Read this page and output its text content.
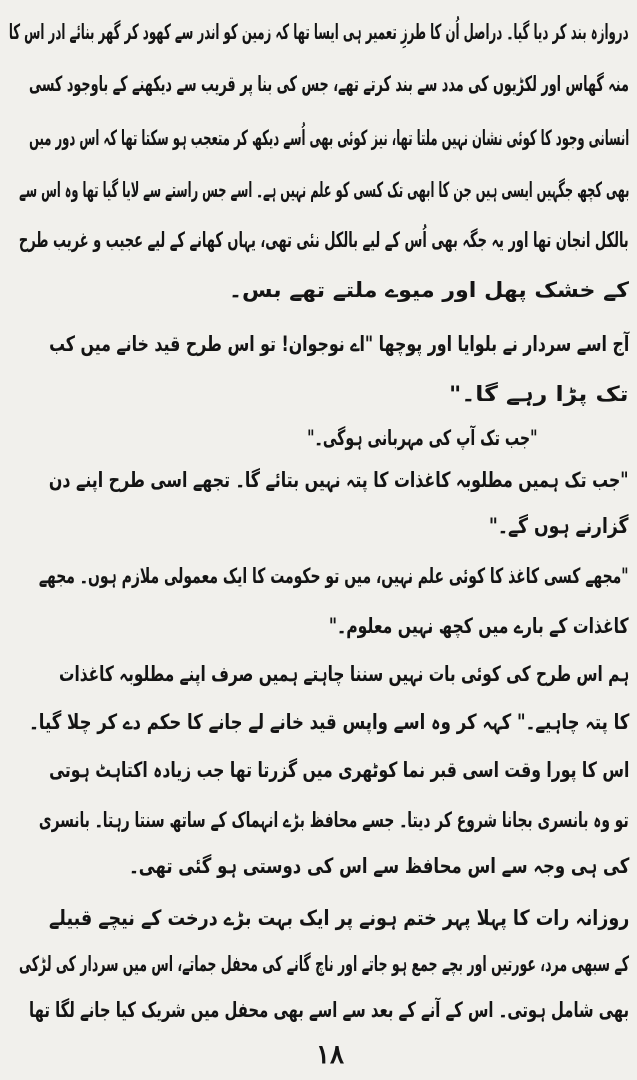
دروازہ بند کر دیا گیا۔ دراصل اُن کا طرزِ تعمیر ہی ایسا تھا کہ زمین کو اندر سے کھود کر گھر بنائے ادر اس کا
منہ گھاس اور لکڑیوں کی مدد سے بند کرتے تھے، جس کی بنا پر قریب سے دیکھنے کے باوجود کسی
انسانی وجود کا کوئی نشان نہیں ملتا تھا، نیز کوئی بھی اُسے دیکھ کر متعجب ہو سکتا تھا کہ اس دور میں
بھی کچھ جگہیں ایسی ہیں جن کا ابھی تک کسی کو علم نہیں ہے۔ اسے جس راستے سے لایا گیا تھا وہ اس سے
بالکل انجان تھا اور یہ جگہ بھی اُس کے لیے بالکل نئی تھی، یہاں کھانے کے لیے عجیب و غریب طرح
کے خشک پھل اور میوے ملتے تھے بس۔
آج اسے سردار نے بلوایا اور پوچھا "اے نوجوان! تو اس طرح قید خانے میں کب
تک پڑا رہے گا۔"
"جب تک آپ کی مہربانی ہوگی۔"
"جب تک ہمیں مطلوبہ کاغذات کا پتہ نہیں بتائے گا۔ تجھے اسی طرح اپنے دن
گزارنے ہوں گے۔"
"مجھے کسی کاغذ کا کوئی علم نہیں، میں تو حکومت کا ایک معمولی ملازم ہوں۔ مجھے
کاغذات کے بارے میں کچھ نہیں معلوم۔"
ہم اس طرح کی کوئی بات نہیں سننا چاہتے ہمیں صرف اپنے مطلوبہ کاغذات
کا پتہ چاہیے۔" کہہ کر وہ اسے واپس قید خانے لے جانے کا حکم دے کر چلا گیا۔
اس کا پورا وقت اسی قبر نما کوٹھری میں گزرتا تھا جب زیادہ اکتاہٹ ہوتی
تو وہ بانسری بجانا شروع کر دیتا۔ جسے محافظ بڑے انہماک کے ساتھ سنتا رہتا۔ بانسری
کی ہی وجہ سے اس محافظ سے اس کی دوستی ہو گئی تھی۔
روزانہ رات کا پہلا پہر ختم ہونے پر ایک بہت بڑے درخت کے نیچے قبیلے
کے سبھی مرد، عورتیں اور بچے جمع ہو جاتے اور ناچ گانے کی محفل جماتے، اس میں سردار کی لڑکی
بھی شامل ہوتی۔ اس کے آنے کے بعد سے اسے بھی محفل میں شریک کیا جانے لگا تھا
۱۸
